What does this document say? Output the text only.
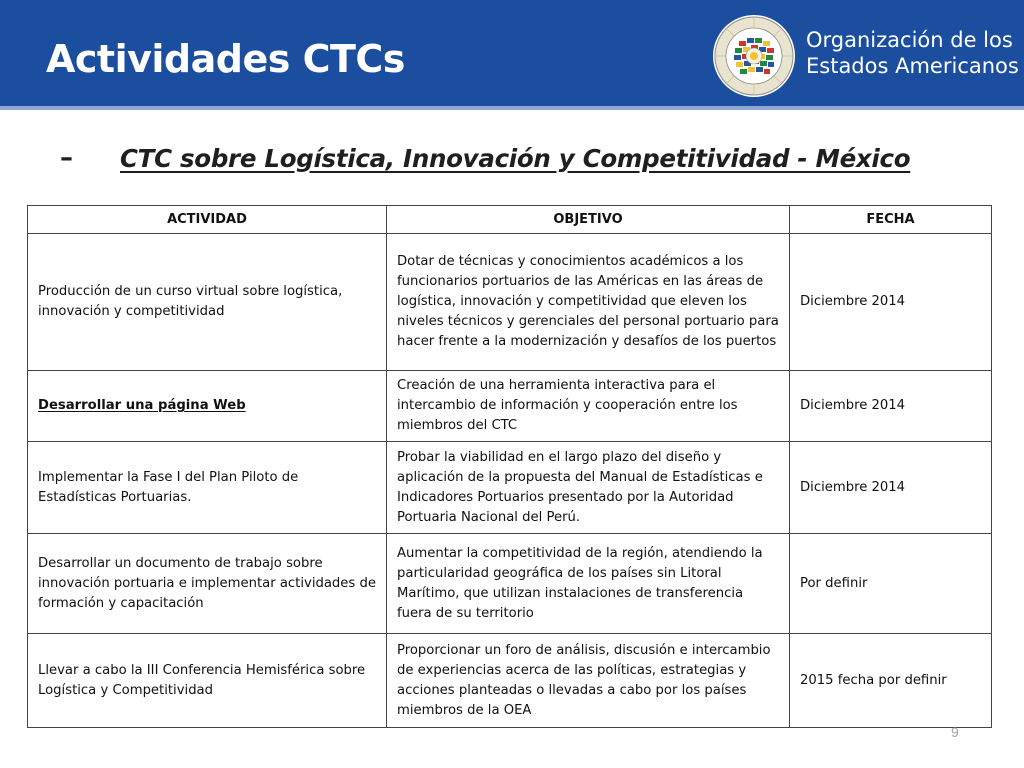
Actividades CTCs	Organización de los
Estados Americanos
–	CTC sobre Logística, Innovación y Competitividad - México
ACTIVIDAD	OBJETIVO	FECHA
Producción de un curso virtual sobre logística, innovación y competitividad	Dotar de técnicas y conocimientos académicos a los funcionarios portuarios de las Américas en las áreas de logística, innovación y competitividad que eleven los niveles técnicos y gerenciales del personal portuario para hacer frente a la modernización y desafíos de los puertos	Diciembre 2014
Desarrollar una página Web	Creación de una herramienta interactiva para el intercambio de información y cooperación entre los miembros del CTC	Diciembre 2014
Implementar la Fase I del Plan Piloto de Estadísticas Portuarias.	Probar la viabilidad en el largo plazo del diseño y aplicación de la propuesta del Manual de Estadísticas e Indicadores Portuarios presentado por la Autoridad Portuaria Nacional del Perú.	Diciembre 2014
Desarrollar un documento de trabajo sobre innovación portuaria e implementar actividades de formación y capacitación	Aumentar la competitividad de la región, atendiendo la particularidad geográfica de los países sin Litoral Marítimo, que utilizan instalaciones de transferencia fuera de su territorio	Por definir
Llevar a cabo la III Conferencia Hemisférica sobre Logística y Competitividad	Proporcionar un foro de análisis, discusión e intercambio de experiencias acerca de las políticas, estrategias y acciones planteadas o llevadas a cabo por los países miembros de la OEA	2015 fecha por definir
9
